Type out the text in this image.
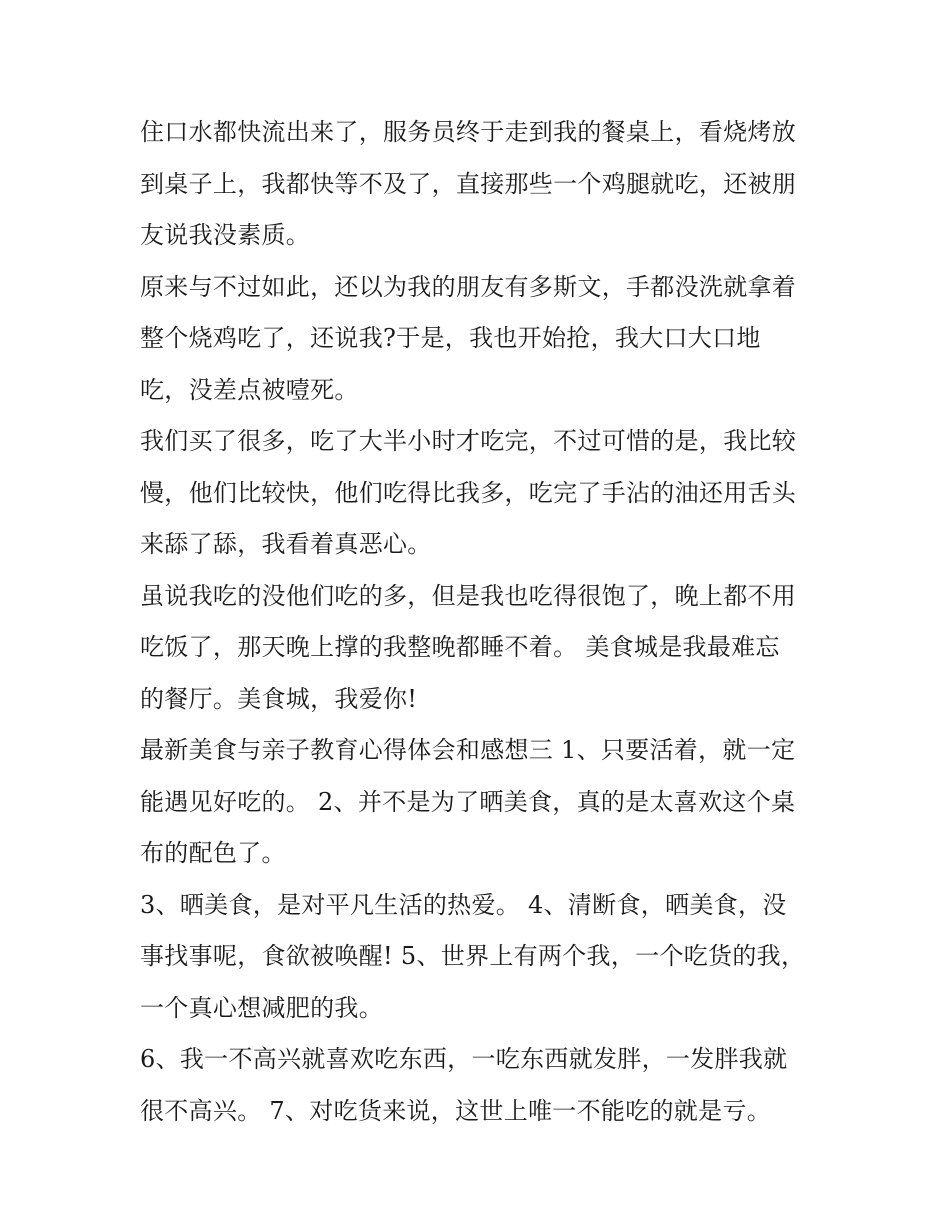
住口水都快流出来了，服务员终于走到我的餐桌上，看烧烤放
到桌子上，我都快等不及了，直接那些一个鸡腿就吃，还被朋
友说我没素质。
原来与不过如此，还以为我的朋友有多斯文，手都没洗就拿着
整个烧鸡吃了，还说我?于是，我也开始抢，我大口大口地
吃，没差点被噎死。
我们买了很多，吃了大半小时才吃完，不过可惜的是，我比较
慢，他们比较快，他们吃得比我多，吃完了手沾的油还用舌头
来舔了舔，我看着真恶心。
虽说我吃的没他们吃的多，但是我也吃得很饱了，晚上都不用
吃饭了，那天晚上撑的我整晚都睡不着。 美食城是我最难忘
的餐厅。美食城，我爱你!
最新美食与亲子教育心得体会和感想三 1、只要活着，就一定
能遇见好吃的。 2、并不是为了晒美食，真的是太喜欢这个桌
布的配色了。
3、晒美食，是对平凡生活的热爱。 4、清断食，晒美食，没
事找事呢，食欲被唤醒! 5、世界上有两个我，一个吃货的我，
一个真心想减肥的我。
6、我一不高兴就喜欢吃东西，一吃东西就发胖，一发胖我就
很不高兴。 7、对吃货来说，这世上唯一不能吃的就是亏。
